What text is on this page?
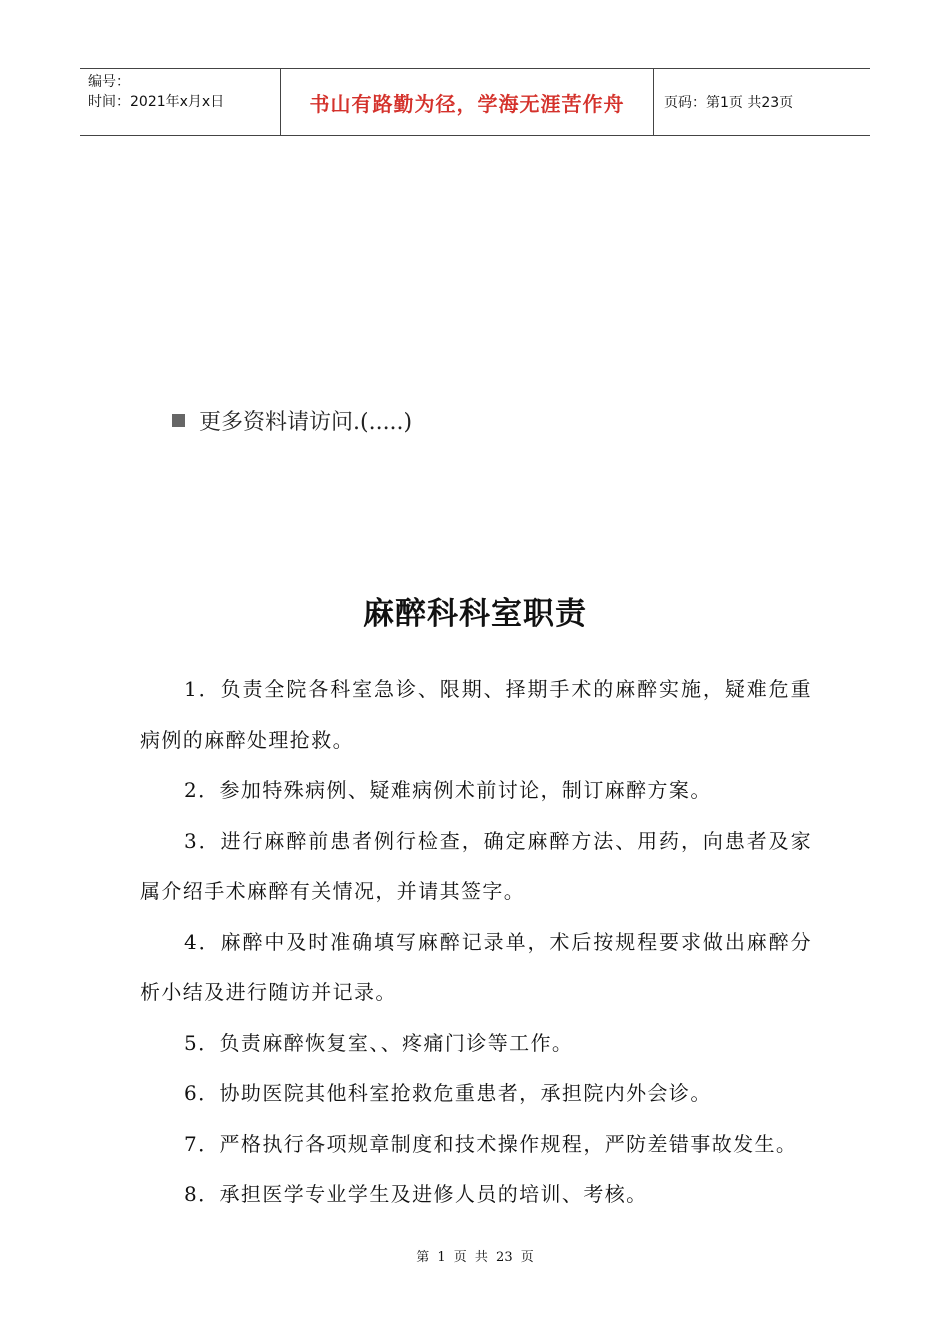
编号：
时间：2021年x月x日	书山有路勤为径，学海无涯苦作舟	页码：第1页 共23页
更多资料请访问.(.....)
麻醉科科室职责
1．负责全院各科室急诊、限期、择期手术的麻醉实施，疑难危重病例的麻醉处理抢救。
2．参加特殊病例、疑难病例术前讨论，制订麻醉方案。
3．进行麻醉前患者例行检查，确定麻醉方法、用药，向患者及家属介绍手术麻醉有关情况，并请其签字。
4．麻醉中及时准确填写麻醉记录单，术后按规程要求做出麻醉分析小结及进行随访并记录。
5．负责麻醉恢复室、、疼痛门诊等工作。
6．协助医院其他科室抢救危重患者，承担院内外会诊。
7．严格执行各项规章制度和技术操作规程，严防差错事故发生。
8．承担医学专业学生及进修人员的培训、考核。
第 1 页 共 23 页
